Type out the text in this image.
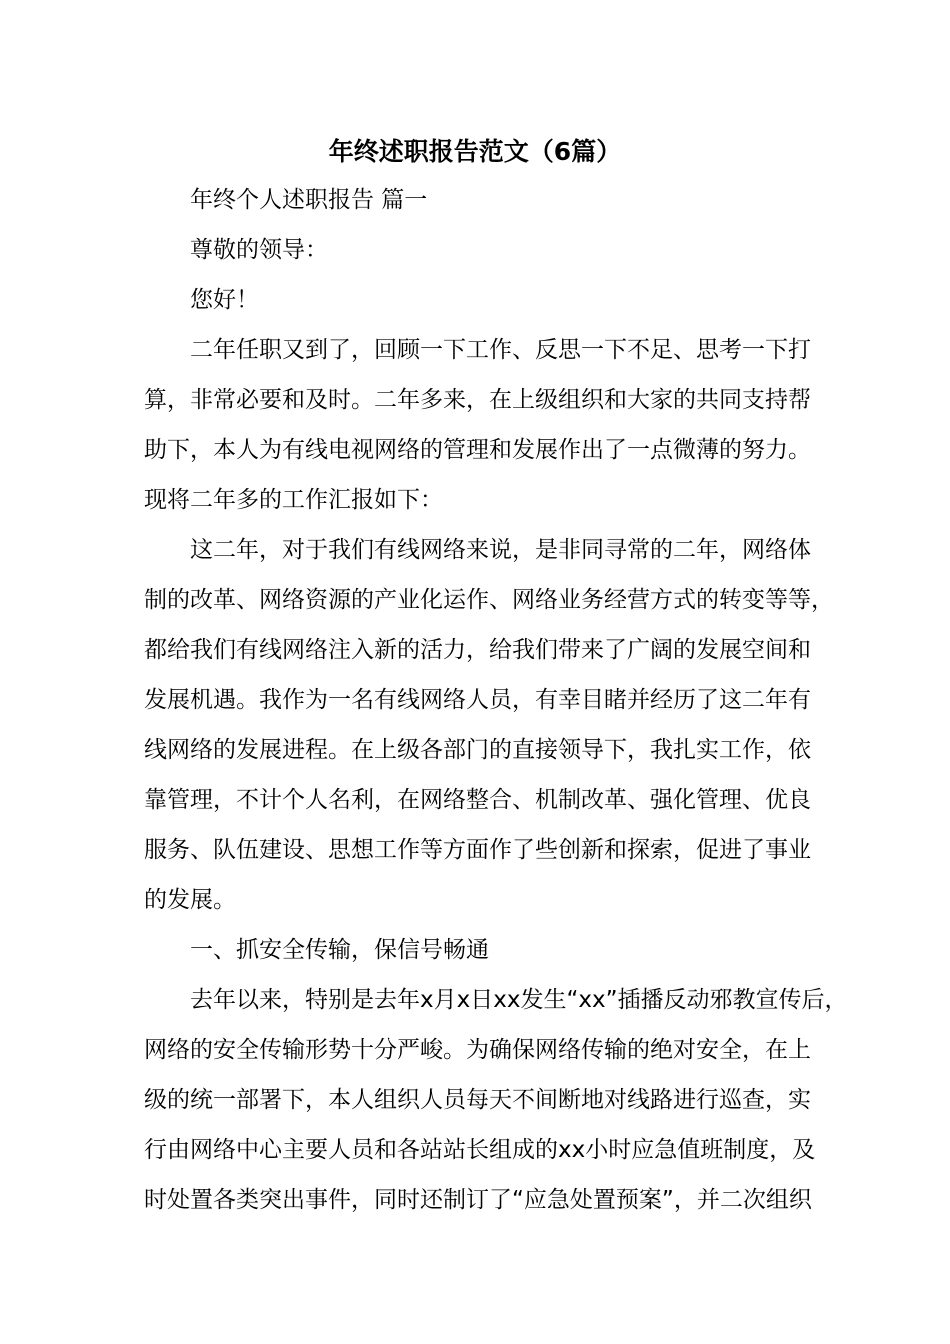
年终述职报告范文（6篇）

年终个人述职报告 篇一

尊敬的领导：

您好！

二年任职又到了，回顾一下工作、反思一下不足、思考一下打

算，非常必要和及时。二年多来，在上级组织和大家的共同支持帮

助下，本人为有线电视网络的管理和发展作出了一点微薄的努力。

现将二年多的工作汇报如下：

这二年，对于我们有线网络来说，是非同寻常的二年，网络体

制的改革、网络资源的产业化运作、网络业务经营方式的转变等等，

都给我们有线网络注入新的活力，给我们带来了广阔的发展空间和

发展机遇。我作为一名有线网络人员，有幸目睹并经历了这二年有

线网络的发展进程。在上级各部门的直接领导下，我扎实工作，依

靠管理，不计个人名利，在网络整合、机制改革、强化管理、优良

服务、队伍建设、思想工作等方面作了些创新和探索，促进了事业

的发展。

一、抓安全传输，保信号畅通

去年以来，特别是去年x月x日xx发生“xx”插播反动邪教宣传后，

网络的安全传输形势十分严峻。为确保网络传输的绝对安全，在上

级的统一部署下，本人组织人员每天不间断地对线路进行巡查，实

行由网络中心主要人员和各站站长组成的xx小时应急值班制度，及

时处置各类突出事件，同时还制订了“应急处置预案”，并二次组织
